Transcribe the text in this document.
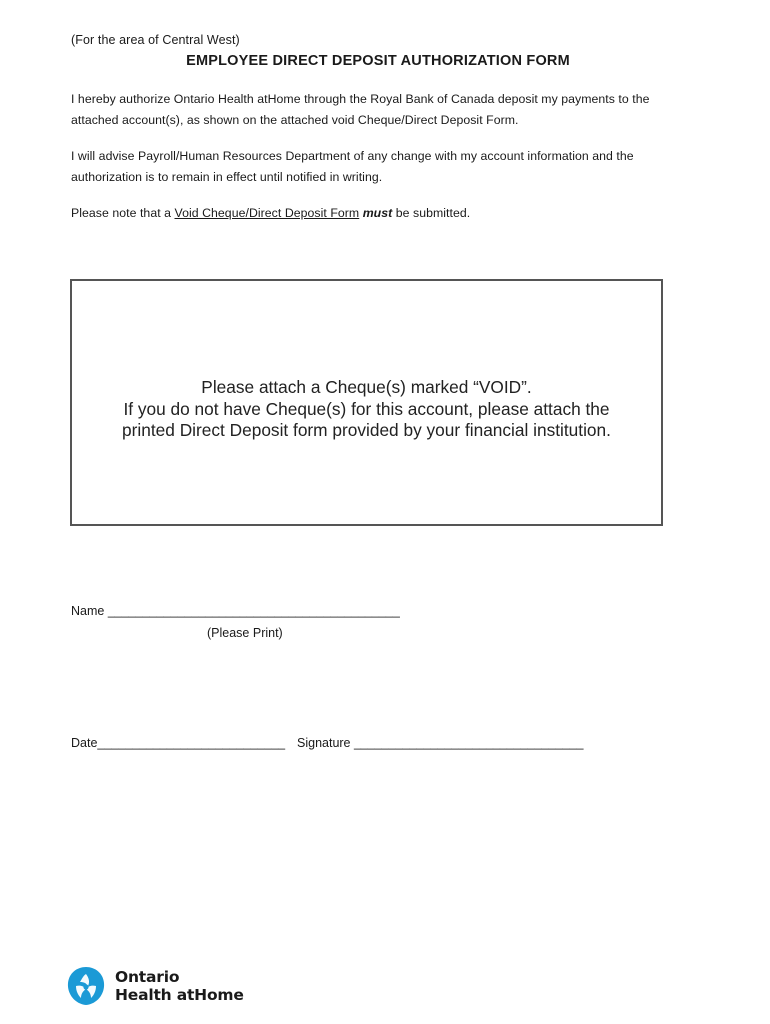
(For the area of Central West)
EMPLOYEE DIRECT DEPOSIT AUTHORIZATION FORM
I hereby authorize Ontario Health atHome through the Royal Bank of Canada deposit my payments to the attached account(s), as shown on the attached void Cheque/Direct Deposit Form.
I will advise Payroll/Human Resources Department of any change with my account information and the authorization is to remain in effect until notified in writing.
Please note that a Void Cheque/Direct Deposit Form must be submitted.
Please attach a Cheque(s) marked “VOID”.
If you do not have Cheque(s) for this account, please attach the
printed Direct Deposit form provided by your financial institution.
Name __________________________________________
(Please Print)
Date___________________________ Signature _________________________________
Ontario
Health atHome
